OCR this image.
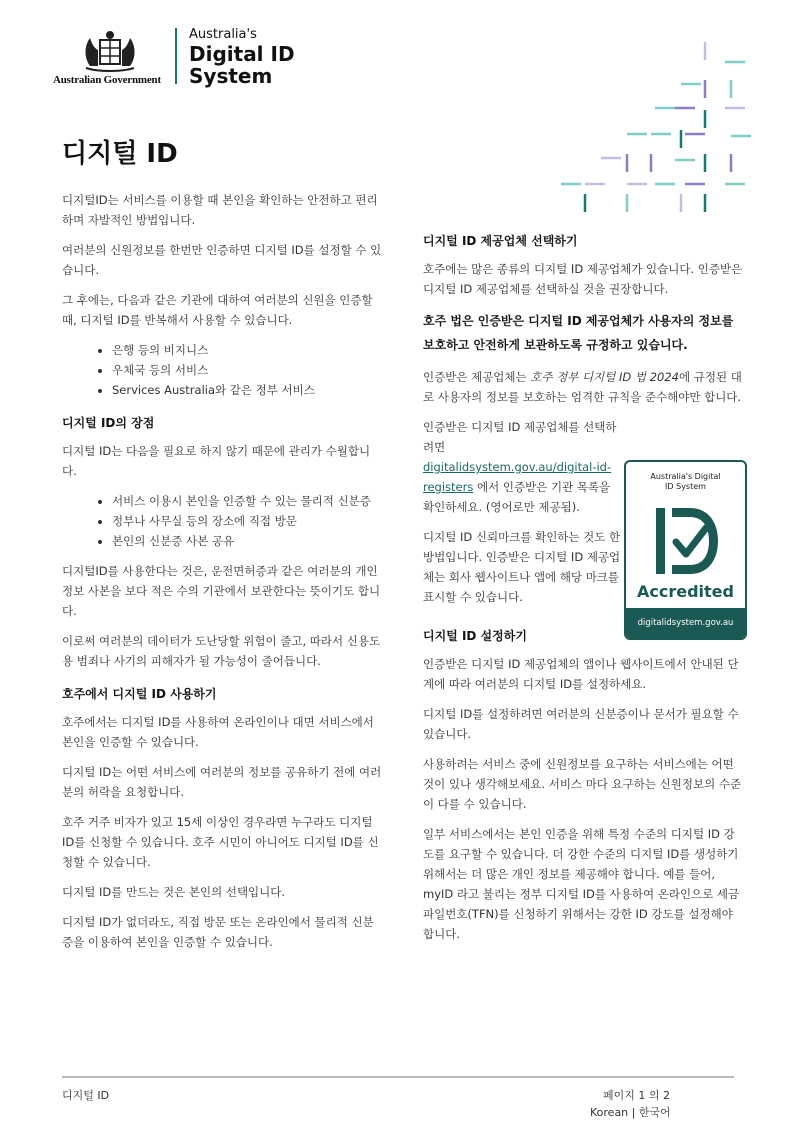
Australian Government
Australia's
Digital ID
System
디지털 ID

디지털ID는 서비스를 이용할 때 본인을 확인하는 안전하고 편리하며 자발적인 방법입니다.

여러분의 신원정보를 한번만 인증하면 디지털 ID를 설정할 수 있습니다.

그 후에는, 다음과 같은 기관에 대하여 여러분의 신원을 인증할 때, 디지털 ID를 반복해서 사용할 수 있습니다.

• 은행 등의 비지니스
• 우체국 등의 서비스
• Services Australia와 같은 정부 서비스
디지털 ID의 장점

디지털 ID는 다음을 필요로 하지 않기 때문에 관리가 수월합니다.

• 서비스 이용시 본인을 인증할 수 있는 물리적 신분증
• 정부나 사무실 등의 장소에 직접 방문
• 본인의 신분증 사본 공유

디지털ID를 사용한다는 것은, 운전면허증과 같은 여러분의 개인정보 사본을 보다 적은 수의 기관에서 보관한다는 뜻이기도 합니다.

이로써 여러분의 데이터가 도난당할 위험이 줄고, 따라서 신용도용 범죄나 사기의 피해자가 될 가능성이 줄어듭니다.

호주에서 디지털 ID 사용하기

호주에서는 디지털 ID를 사용하여 온라인이나 대면 서비스에서 본인을 인증할 수 있습니다.

디지털 ID는 어떤 서비스에 여러분의 정보를 공유하기 전에 여러분의 허락을 요청합니다.

호주 거주 비자가 있고 15세 이상인 경우라면 누구라도 디지털 ID를 신청할 수 있습니다. 호주 시민이 아니어도 디지털 ID를 신청할 수 있습니다.

디지털 ID를 만드는 것은 본인의 선택입니다.

디지털 ID가 없더라도, 직접 방문 또는 온라인에서 물리적 신분증을 이용하여 본인을 인증할 수 있습니다.

디지털 ID 제공업체 선택하기

호주에는 많은 종류의 디지털 ID 제공업체가 있습니다. 인증받은 디지털 ID 제공업체를 선택하실 것을 권장합니다.

호주 법은 인증받은 디지털 ID 제공업체가 사용자의 정보를 보호하고 안전하게 보관하도록 규정하고 있습니다.

인증받은 제공업체는 호주 정부 디지털 ID 법 2024에 규정된 대로 사용자의 정보를 보호하는 엄격한 규칙을 준수해야만 합니다.

인증받은 디지털 ID 제공업체를 선택하려면 digitalidsystem.gov.au/digital-id-registers 에서 인증받은 기관 목록을 확인하세요. (영어로만 제공됨).

디지털 ID 신뢰마크를 확인하는 것도 한 방법입니다. 인증받은 디지털 ID 제공업체는 회사 웹사이트나 앱에 해당 마크를 표시할 수 있습니다.

디지털 ID 설정하기

인증받은 디지털 ID 제공업체의 앱이나 웹사이트에서 안내된 단계에 따라 여러분의 디지털 ID를 설정하세요.

디지털 ID를 설정하려면 여러분의 신분증이나 문서가 필요할 수 있습니다.

사용하려는 서비스 중에 신원정보를 요구하는 서비스에는 어떤 것이 있나 생각해보세요. 서비스 마다 요구하는 신원정보의 수준이 다를 수 있습니다.

일부 서비스에서는 본인 인증을 위해 특정 수준의 디지털 ID 강도를 요구할 수 있습니다. 더 강한 수준의 디지털 ID를 생성하기 위해서는 더 많은 개인 정보를 제공해야 합니다. 예를 들어, myID 라고 불리는 정부 디지털 ID를 사용하여 온라인으로 세금파일번호(TFN)를 신청하기 위해서는 강한 ID 강도를 설정해야 합니다.

Australia's Digital
ID System
Accredited
digitalidsystem.gov.au
디지털 ID	페이지 1 의 2
Korean | 한국어
